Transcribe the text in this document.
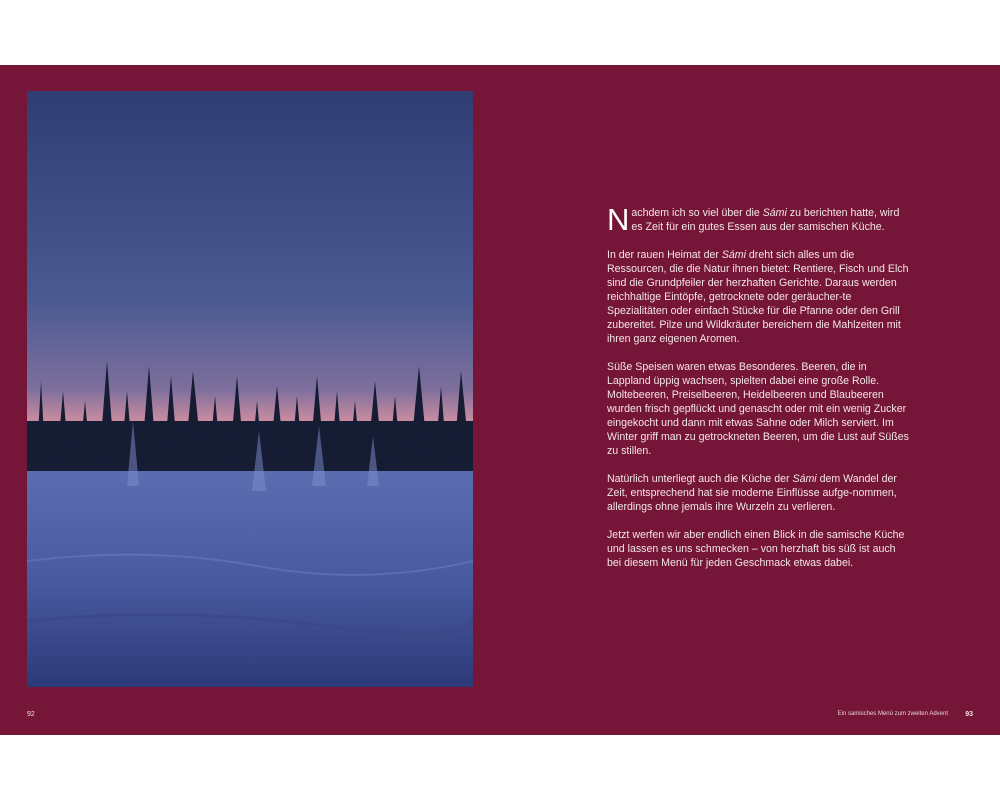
Nachdem ich so viel über die Sámi zu berichten hatte, wird es Zeit für ein gutes Essen aus der samischen Küche.

In der rauen Heimat der Sámi dreht sich alles um die Ressourcen, die die Natur ihnen bietet: Rentiere, Fisch und Elch sind die Grundpfeiler der herzhaften Gerichte. Daraus werden reichhaltige Eintöpfe, getrocknete oder geräucher-te Spezialitäten oder einfach Stücke für die Pfanne oder den Grill zubereitet. Pilze und Wildkräuter bereichern die Mahlzeiten mit ihren ganz eigenen Aromen.

Süße Speisen waren etwas Besonderes. Beeren, die in Lappland üppig wachsen, spielten dabei eine große Rolle. Moltebeeren, Preiselbeeren, Heidelbeeren und Blaubeeren wurden frisch gepflückt und genascht oder mit ein wenig Zucker eingekocht und dann mit etwas Sahne oder Milch serviert. Im Winter griff man zu getrockneten Beeren, um die Lust auf Süßes zu stillen.

Natürlich unterliegt auch die Küche der Sámi dem Wandel der Zeit, entsprechend hat sie moderne Einflüsse aufge-nommen, allerdings ohne jemals ihre Wurzeln zu verlieren.

Jetzt werfen wir aber endlich einen Blick in die samische Küche und lassen es uns schmecken – von herzhaft bis süß ist auch bei diesem Menü für jeden Geschmack etwas dabei.

92	Ein samisches Menü zum zweiten Advent 93
